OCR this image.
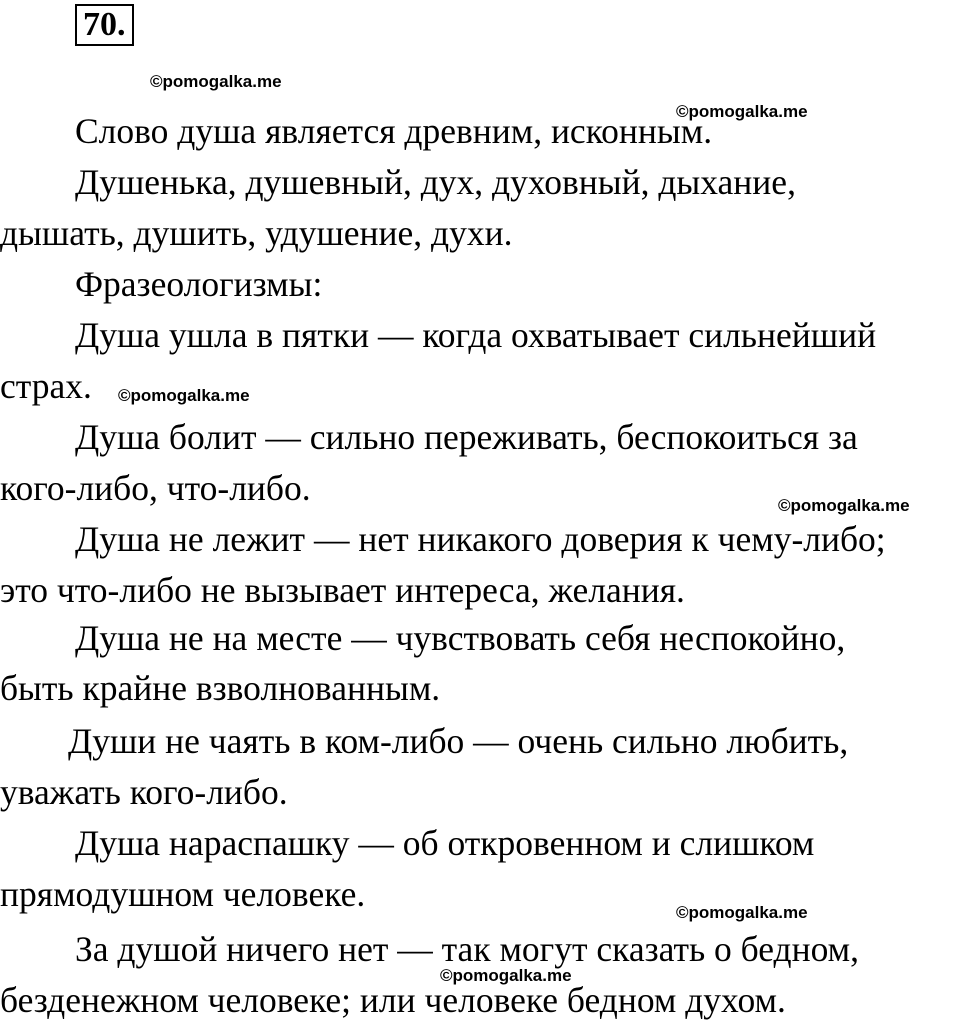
70.
©pomogalka.me
Слово душа является древним, исконным.
©pomogalka.me
Душенька, душевный, дух, духовный, дыхание,
дышать, душить, удушение, духи.
Фразеологизмы:
Душа ушла в пятки — когда охватывает сильнейший
страх. ©pomogalka.me
Душа болит — сильно переживать, беспокоиться за
кого-либо, что-либо.	©pomogalka.me
Душа не лежит — нет никакого доверия к чему-либо;
это что-либо не вызывает интереса, желания.
Душа не на месте — чувствовать себя неспокойно,
быть крайне взволнованным.
Души не чаять в ком-либо — очень сильно любить,
уважать кого-либо.
Душа нараспашку — об откровенном и слишком
прямодушном человеке.	©pomogalka.me
За душой ничего нет — так могут сказать о бедном,
©pomogalka.me
безденежном человеке; или человеке бедном духом.
